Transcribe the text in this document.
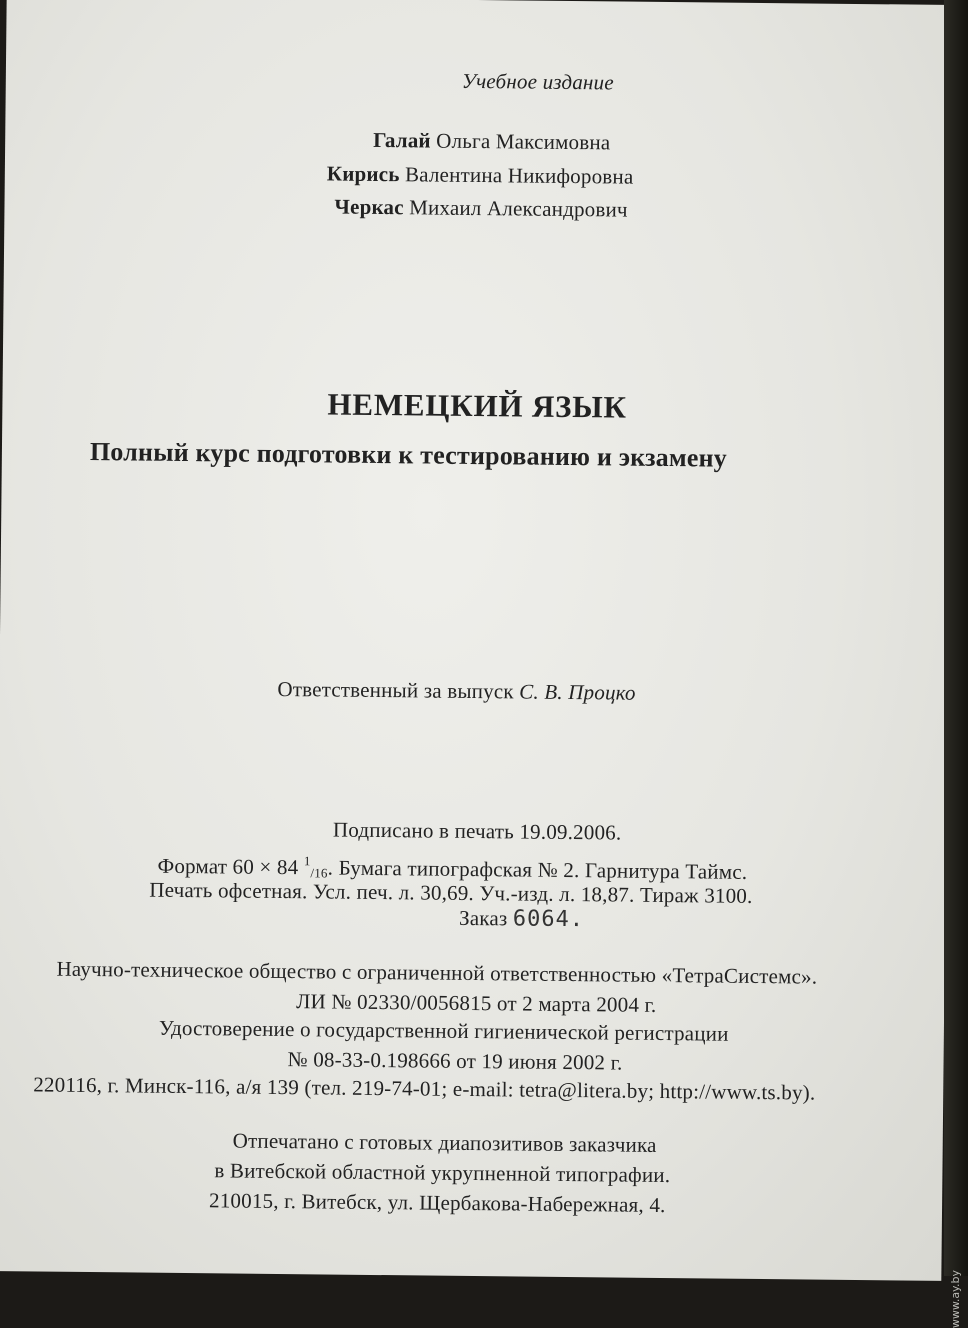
Учебное издание
Галай Ольга Максимовна
Кирись Валентина Никифоровна
Черкас Михаил Александрович
НЕМЕЦКИЙ ЯЗЫК
Полный курс подготовки к тестированию и экзамену
Ответственный за выпуск С. В. Процко
Подписано в печать 19.09.2006.
Формат 60 × 84 $^1_{/16}$. Бумага типографская № 2. Гарнитура Таймс.
Печать офсетная. Усл. печ. л. 30,69. Уч.-изд. л. 18,87. Тираж 3100.
Заказ 6064.
Научно-техническое общество с ограниченной ответственностью «ТетраСистемс».
ЛИ № 02330/0056815 от 2 марта 2004 г.
Удостоверение о государственной гигиенической регистрации
№ 08-33-0.198666 от 19 июня 2002 г.
220116, г. Минск-116, а/я 139 (тел. 219-74-01; e-mail: tetra@litera.by; http://www.ts.by).
Отпечатано с готовых диапозитивов заказчика
в Витебской областной укрупненной типографии.
210015, г. Витебск, ул. Щербакова-Набережная, 4.
